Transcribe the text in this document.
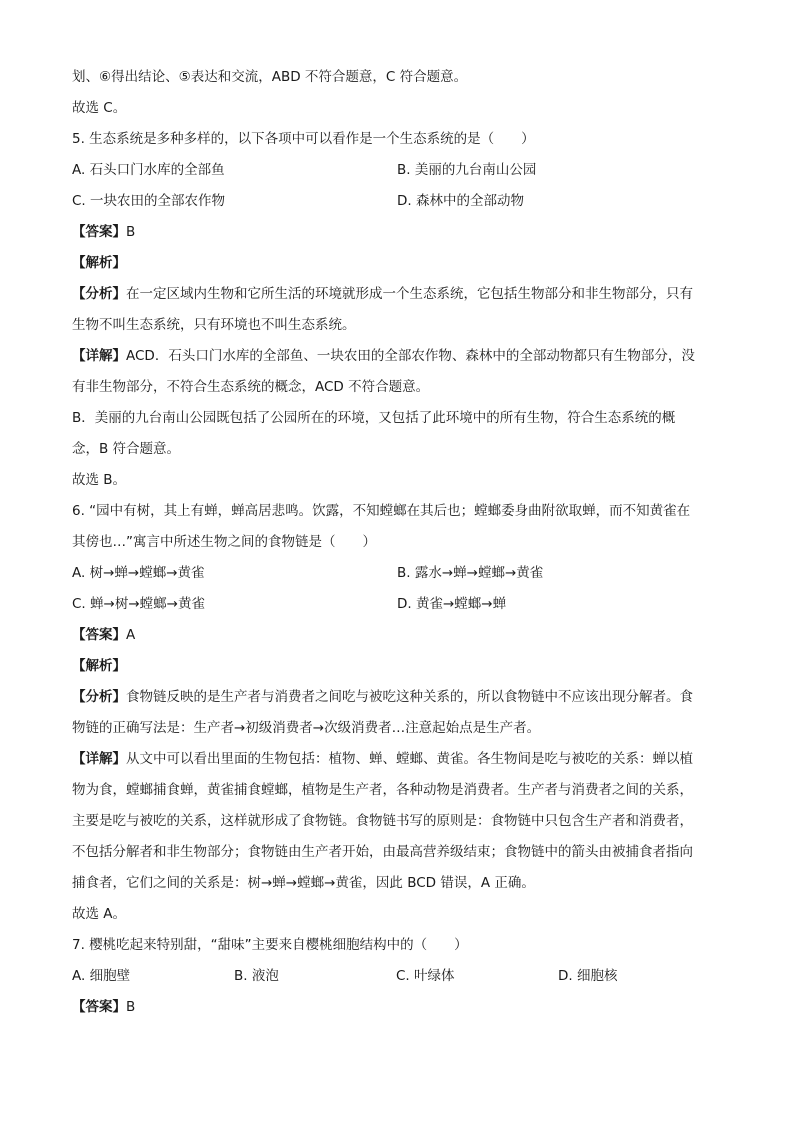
划、⑥得出结论、⑤表达和交流，ABD 不符合题意，C 符合题意。
故选 C。
5. 生态系统是多种多样的，以下各项中可以看作是一个生态系统的是（　　）
A. 石头口门水库的全部鱼	B. 美丽的九台南山公园
C. 一块农田的全部农作物	D. 森林中的全部动物
【答案】B
【解析】
【分析】在一定区域内生物和它所生活的环境就形成一个生态系统，它包括生物部分和非生物部分，只有
生物不叫生态系统，只有环境也不叫生态系统。
【详解】ACD．石头口门水库的全部鱼、一块农田的全部农作物、森林中的全部动物都只有生物部分，没
有非生物部分，不符合生态系统的概念，ACD 不符合题意。
B．美丽的九台南山公园既包括了公园所在的环境，又包括了此环境中的所有生物，符合生态系统的概
念，B 符合题意。
故选 B。
6. “园中有树，其上有蝉，蝉高居悲鸣。饮露，不知螳螂在其后也；螳螂委身曲附欲取蝉，而不知黄雀在
其傍也…”寓言中所述生物之间的食物链是（　　）
A. 树→蝉→螳螂→黄雀	B. 露水→蝉→螳螂→黄雀
C. 蝉→树→螳螂→黄雀	D. 黄雀→螳螂→蝉
【答案】A
【解析】
【分析】食物链反映的是生产者与消费者之间吃与被吃这种关系的，所以食物链中不应该出现分解者。食
物链的正确写法是：生产者→初级消费者→次级消费者…注意起始点是生产者。
【详解】从文中可以看出里面的生物包括：植物、蝉、螳螂、黄雀。各生物间是吃与被吃的关系：蝉以植
物为食，螳螂捕食蝉，黄雀捕食螳螂，植物是生产者，各种动物是消费者。生产者与消费者之间的关系，
主要是吃与被吃的关系，这样就形成了食物链。食物链书写的原则是：食物链中只包含生产者和消费者，
不包括分解者和非生物部分；食物链由生产者开始，由最高营养级结束；食物链中的箭头由被捕食者指向
捕食者，它们之间的关系是：树→蝉→螳螂→黄雀，因此 BCD 错误，A 正确。
故选 A。
7. 樱桃吃起来特别甜，“甜味”主要来自樱桃细胞结构中的（　　）
A. 细胞壁	B. 液泡	C. 叶绿体	D. 细胞核
【答案】B
